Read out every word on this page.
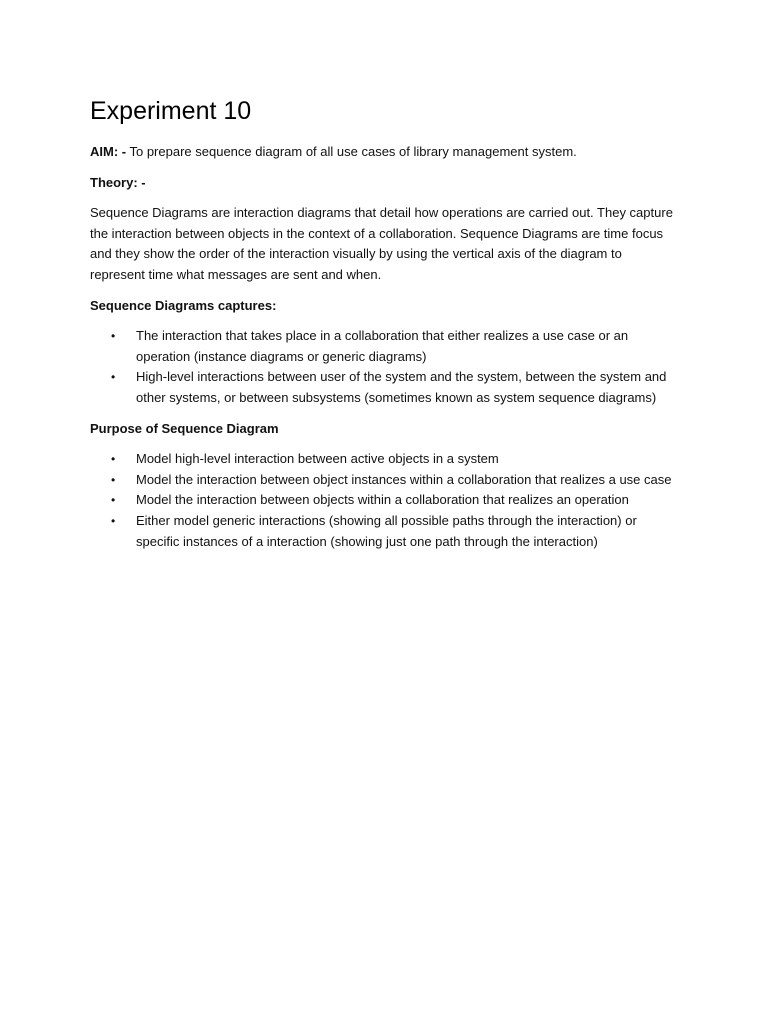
Experiment 10

AIM: - To prepare sequence diagram of all use cases of library management system.

Theory: -

Sequence Diagrams are interaction diagrams that detail how operations are carried out. They capture the interaction between objects in the context of a collaboration. Sequence Diagrams are time focus and they show the order of the interaction visually by using the vertical axis of the diagram to represent time what messages are sent and when.

Sequence Diagrams captures:

• The interaction that takes place in a collaboration that either realizes a use case or an operation (instance diagrams or generic diagrams)
• High-level interactions between user of the system and the system, between the system and other systems, or between subsystems (sometimes known as system sequence diagrams)

Purpose of Sequence Diagram

• Model high-level interaction between active objects in a system
• Model the interaction between object instances within a collaboration that realizes a use case
• Model the interaction between objects within a collaboration that realizes an operation
• Either model generic interactions (showing all possible paths through the interaction) or specific instances of a interaction (showing just one path through the interaction)
